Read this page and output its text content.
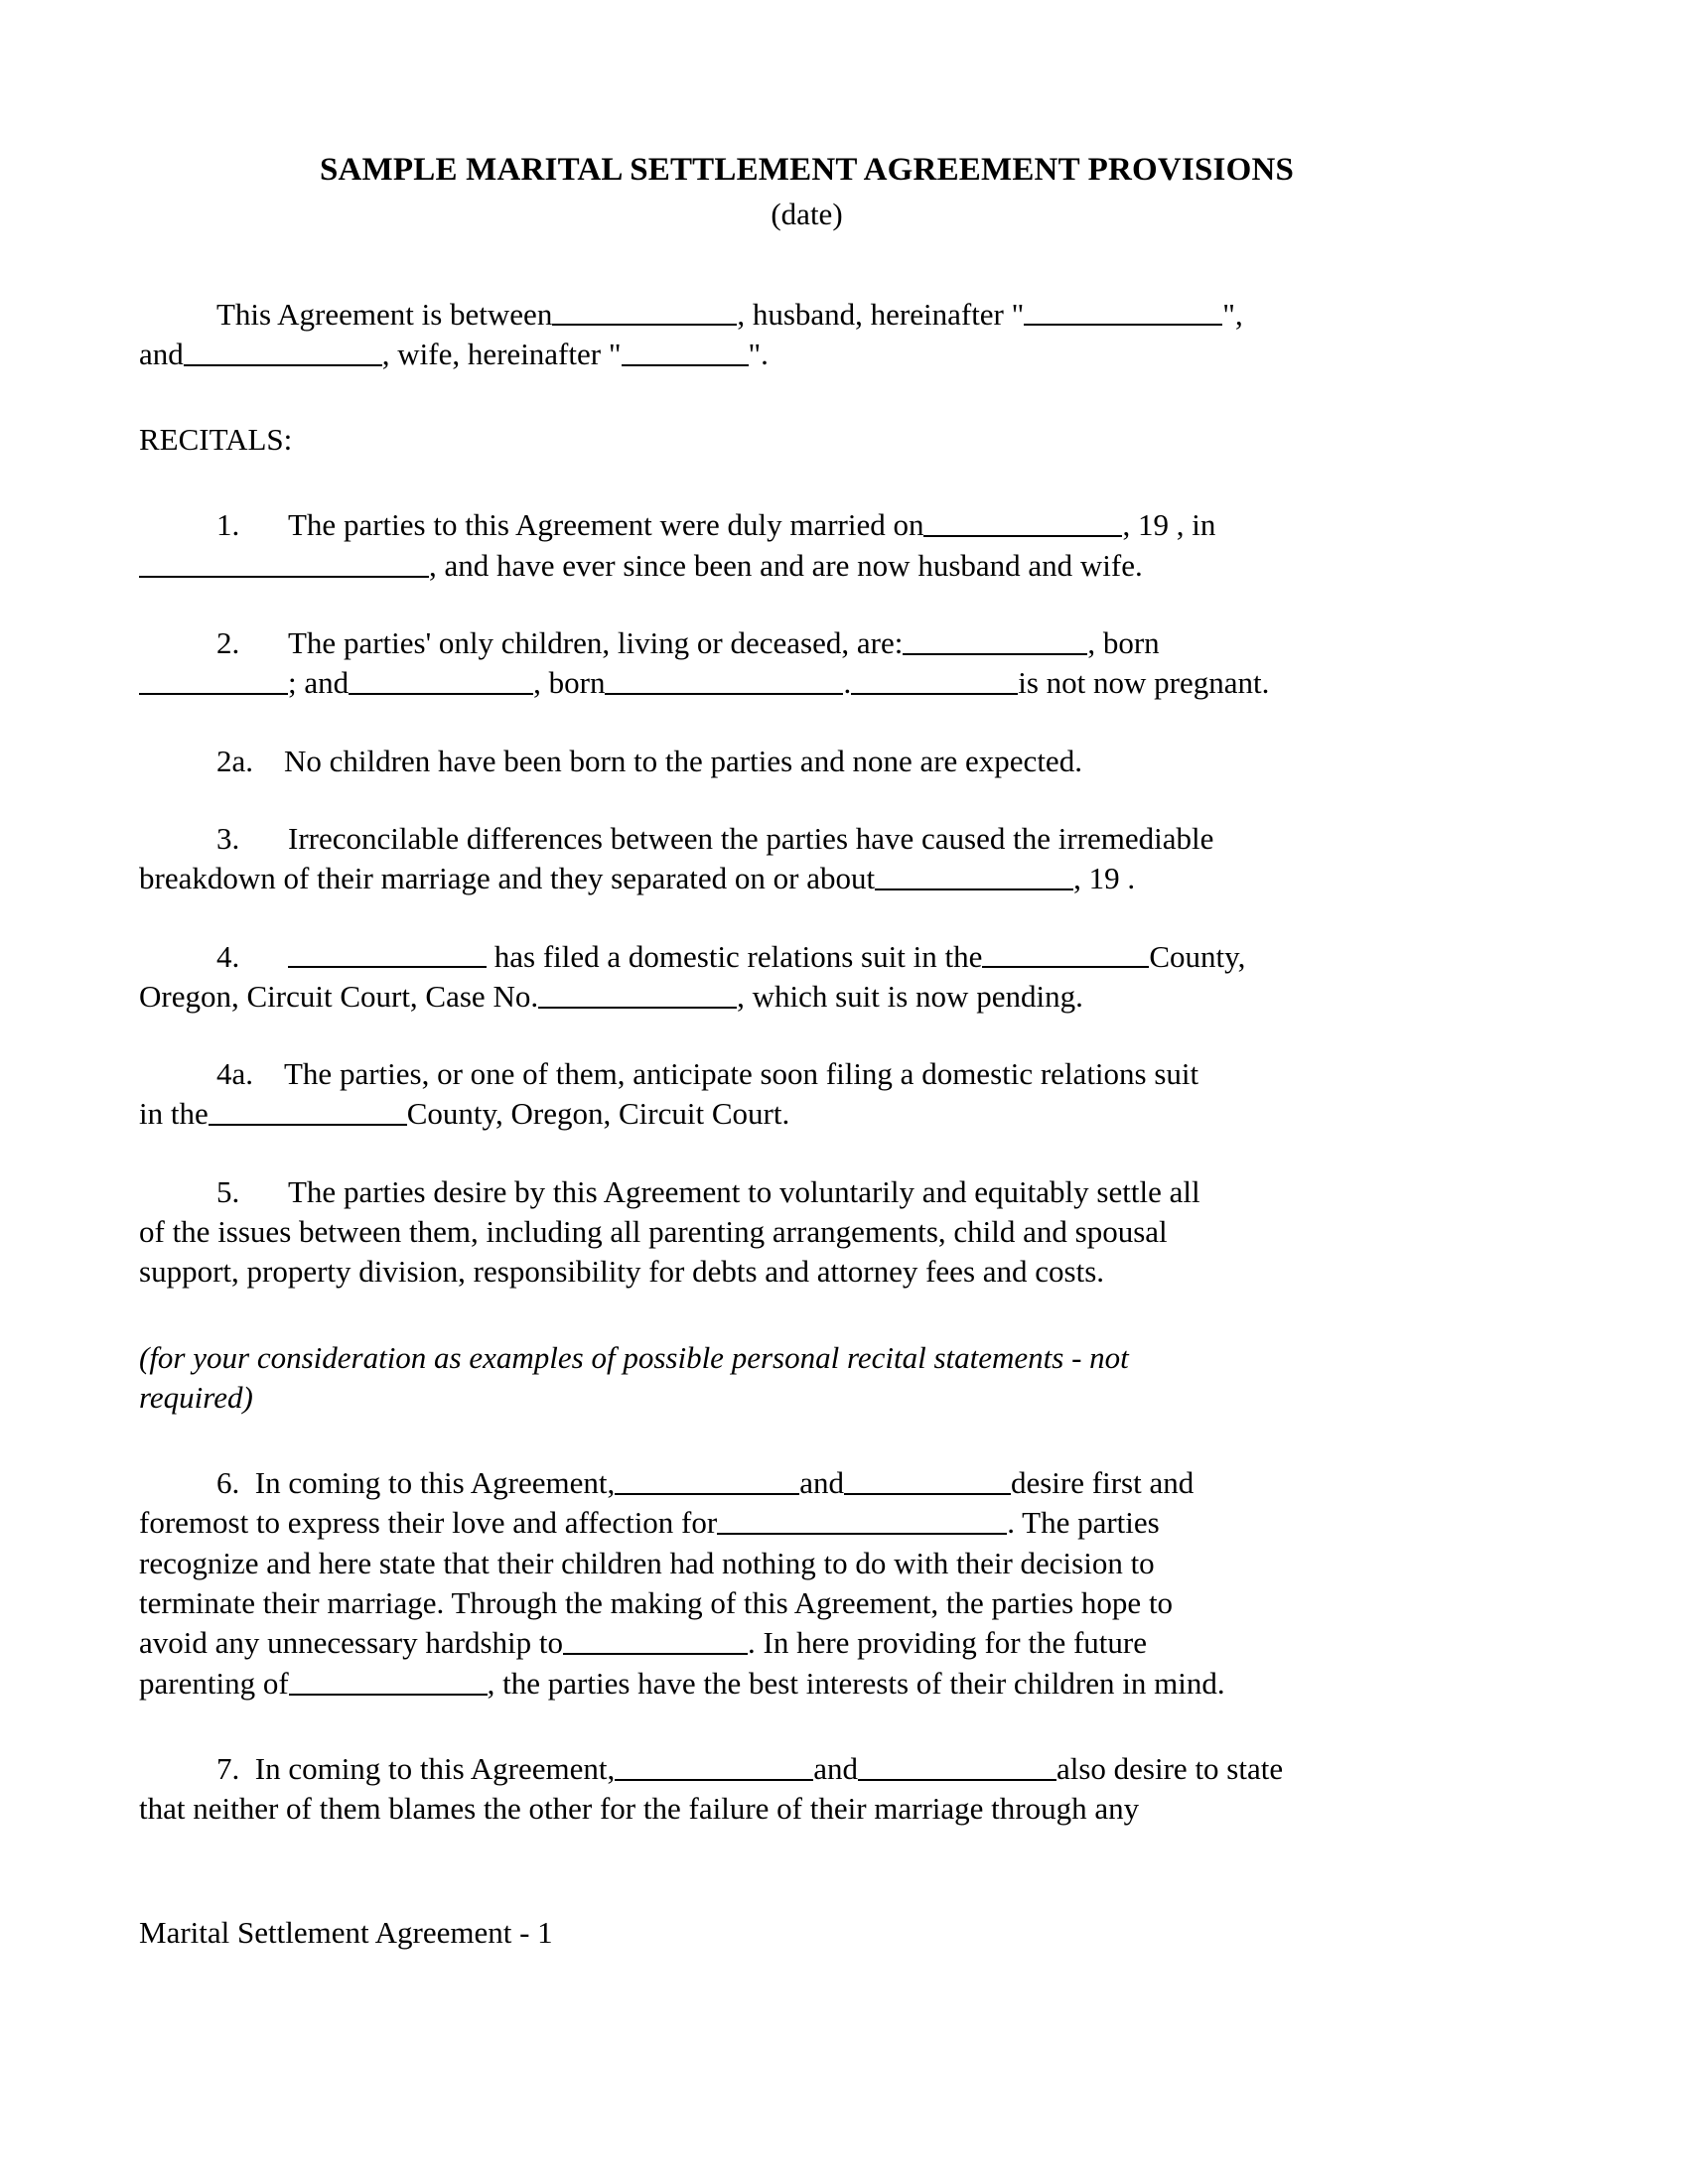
SAMPLE MARITAL SETTLEMENT AGREEMENT PROVISIONS
(date)

This Agreement is between	, husband, hereinafter "	",
and	, wife, hereinafter "	".

RECITALS:

1. The parties to this Agreement were duly married on	, 19 , in
, and have ever since been and are now husband and wife.

2. The parties' only children, living or deceased, are:	, born
; and	, born	.	is not now pregnant.

2a. No children have been born to the parties and none are expected.

3. Irreconcilable differences between the parties have caused the irremediable
breakdown of their marriage and they separated on or about	, 19 .

4.	has filed a domestic relations suit in the	County,
Oregon, Circuit Court, Case No.	, which suit is now pending.

4a. The parties, or one of them, anticipate soon filing a domestic relations suit
in the	County, Oregon, Circuit Court.

5. The parties desire by this Agreement to voluntarily and equitably settle all
of the issues between them, including all parenting arrangements, child and spousal
support, property division, responsibility for debts and attorney fees and costs.

(for your consideration as examples of possible personal recital statements - not
required)

6. In coming to this Agreement,	and	desire first and
foremost to express their love and affection for	. The parties
recognize and here state that their children had nothing to do with their decision to
terminate their marriage. Through the making of this Agreement, the parties hope to
avoid any unnecessary hardship to	. In here providing for the future
parenting of	, the parties have the best interests of their children in mind.

7. In coming to this Agreement,	and	also desire to state
that neither of them blames the other for the failure of their marriage through any

Marital Settlement Agreement - 1
